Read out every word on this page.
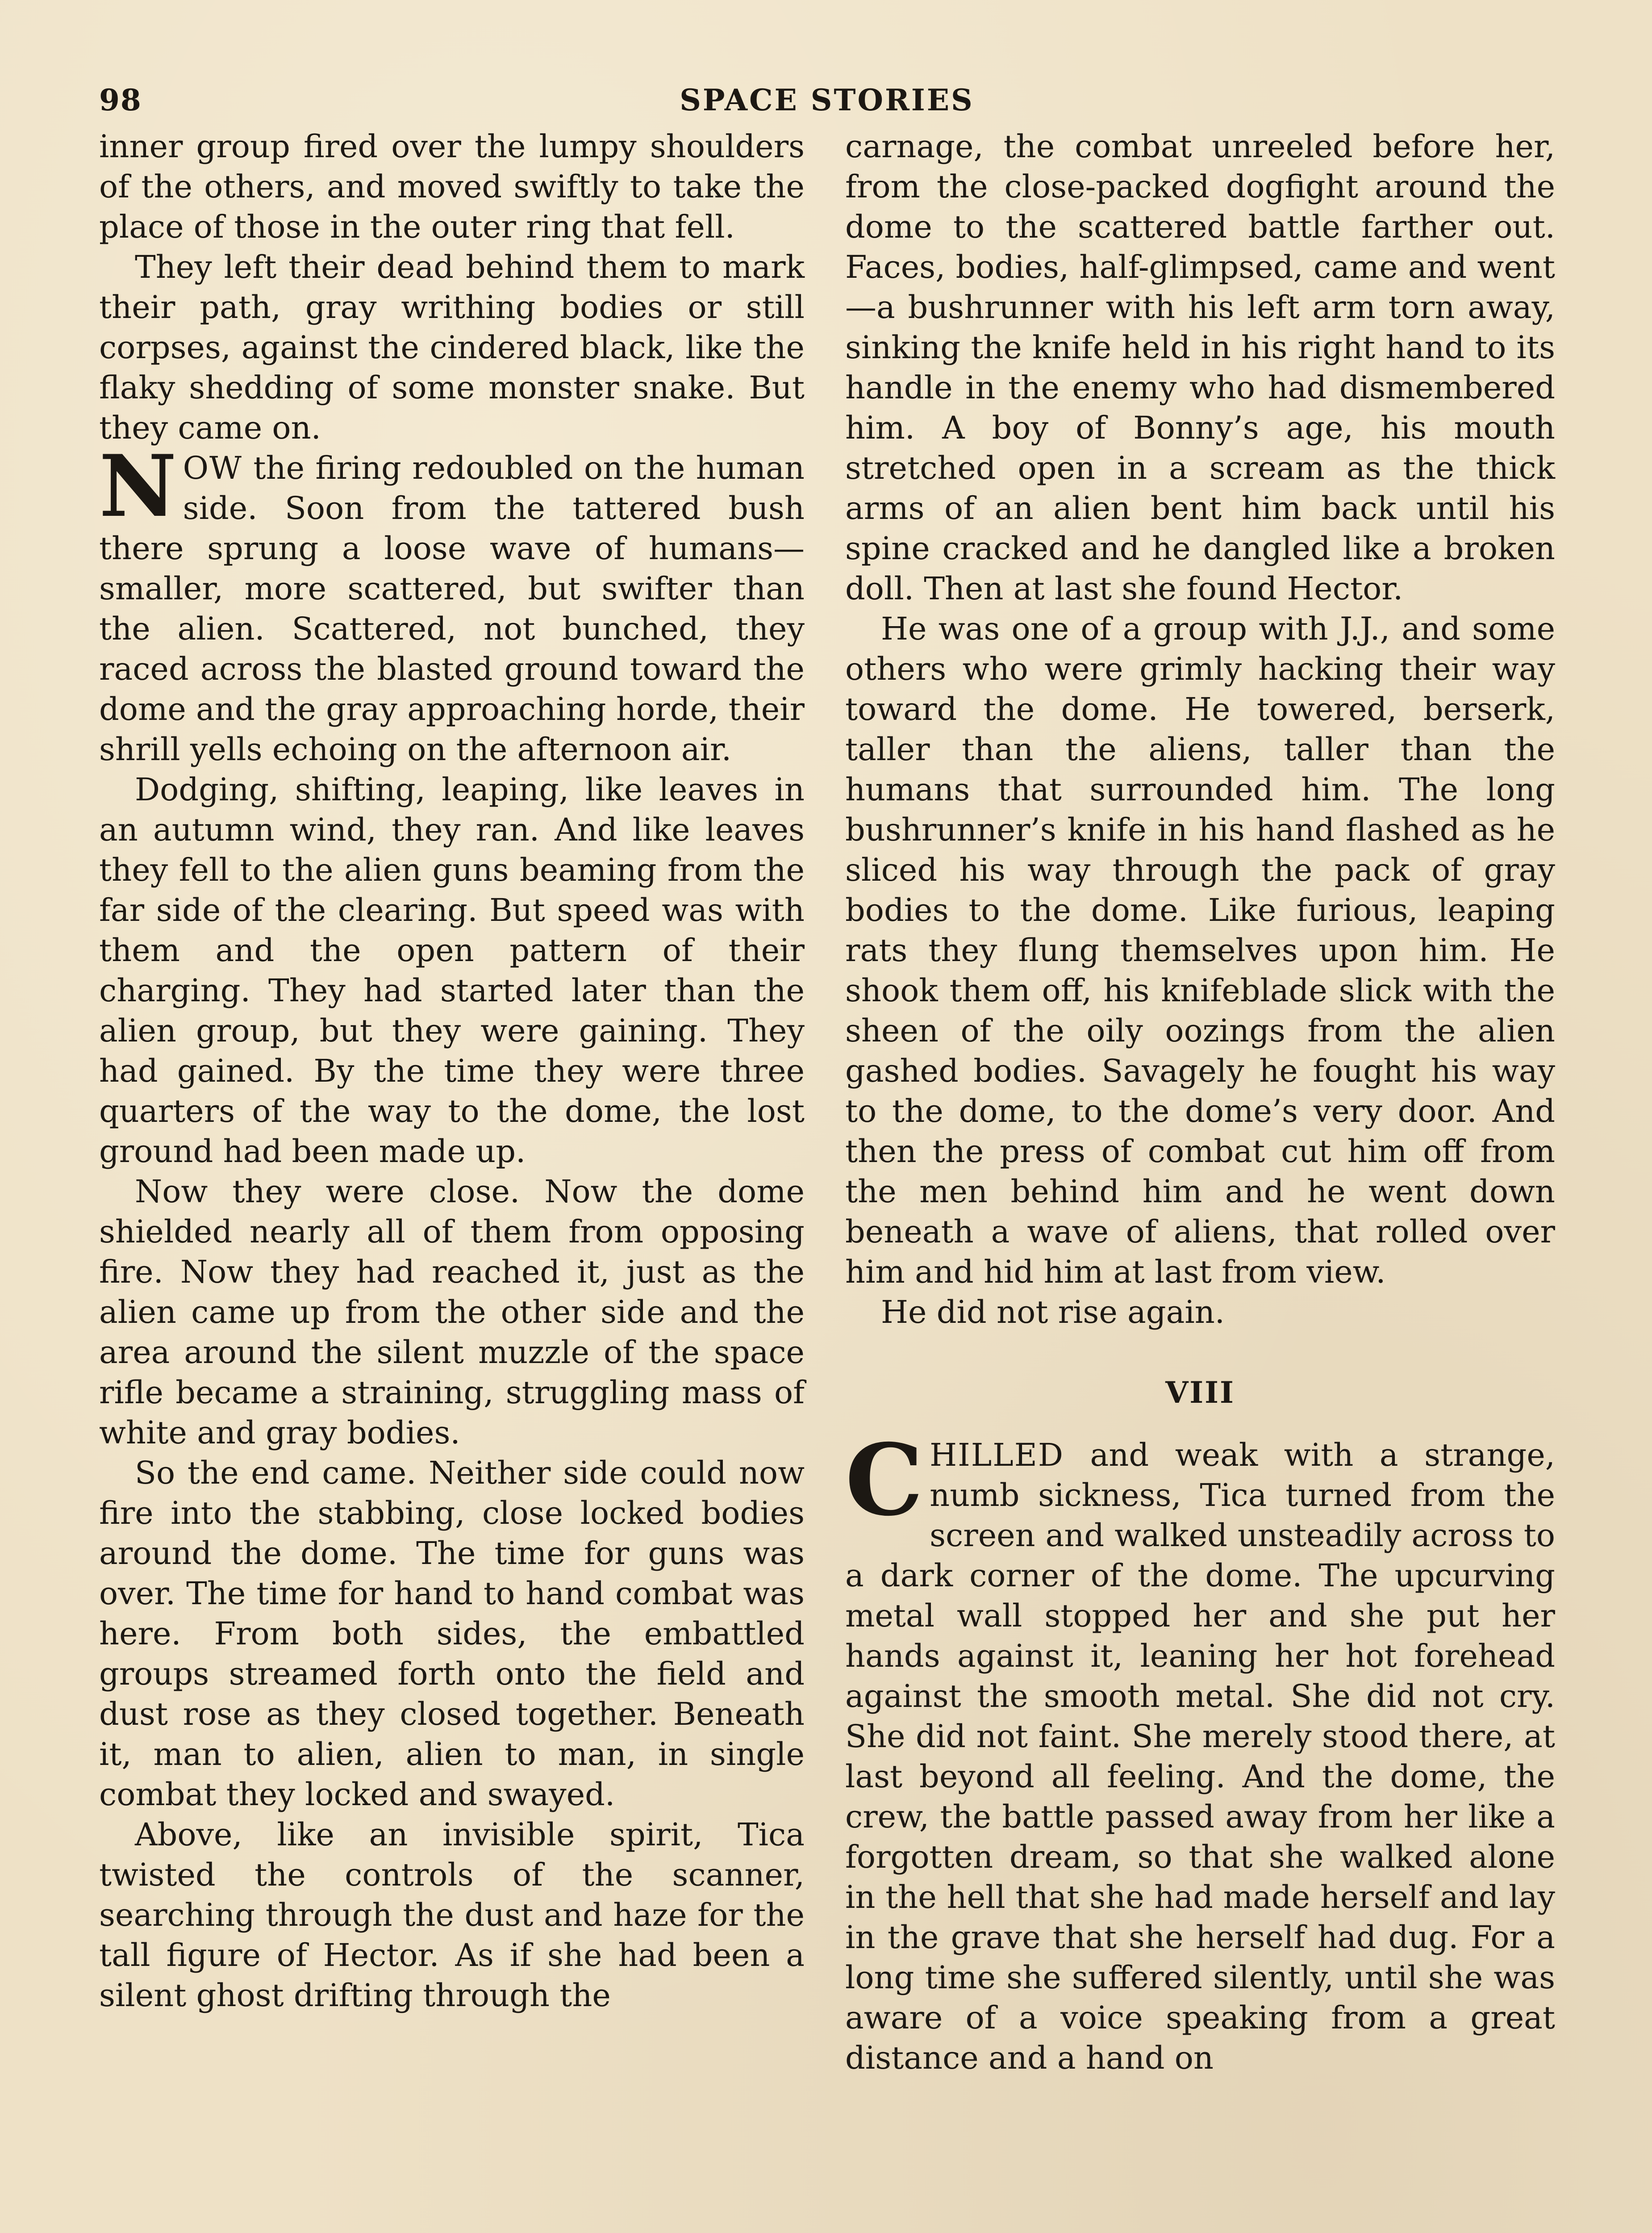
98	SPACE STORIES

inner group fired over the lumpy shoulders of the others, and moved swiftly to take the place of those in the outer ring that fell.

They left their dead behind them to mark their path, gray writhing bodies or still corpses, against the cindered black, like the flaky shedding of some monster snake. But they came on.

NOW the firing redoubled on the human side. Soon from the tattered bush there sprung a loose wave of humans—smaller, more scattered, but swifter than the alien. Scattered, not bunched, they raced across the blasted ground toward the dome and the gray approaching horde, their shrill yells echoing on the afternoon air.

Dodging, shifting, leaping, like leaves in an autumn wind, they ran. And like leaves they fell to the alien guns beaming from the far side of the clearing. But speed was with them and the open pattern of their charging. They had started later than the alien group, but they were gaining. They had gained. By the time they were three quarters of the way to the dome, the lost ground had been made up.

Now they were close. Now the dome shielded nearly all of them from opposing fire. Now they had reached it, just as the alien came up from the other side and the area around the silent muzzle of the space rifle became a straining, struggling mass of white and gray bodies.

So the end came. Neither side could now fire into the stabbing, close locked bodies around the dome. The time for guns was over. The time for hand to hand combat was here. From both sides, the embattled groups streamed forth onto the field and dust rose as they closed together. Beneath it, man to alien, alien to man, in single combat they locked and swayed.

Above, like an invisible spirit, Tica twisted the controls of the scanner, searching through the dust and haze for the tall figure of Hector. As if she had been a silent ghost drifting through the

carnage, the combat unreeled before her, from the close-packed dogfight around the dome to the scattered battle farther out. Faces, bodies, half-glimpsed, came and went—a bushrunner with his left arm torn away, sinking the knife held in his right hand to its handle in the enemy who had dismembered him. A boy of Bonny’s age, his mouth stretched open in a scream as the thick arms of an alien bent him back until his spine cracked and he dangled like a broken doll. Then at last she found Hector.

He was one of a group with J.J., and some others who were grimly hacking their way toward the dome. He towered, berserk, taller than the aliens, taller than the humans that surrounded him. The long bushrunner’s knife in his hand flashed as he sliced his way through the pack of gray bodies to the dome. Like furious, leaping rats they flung themselves upon him. He shook them off, his knifeblade slick with the sheen of the oily oozings from the alien gashed bodies. Savagely he fought his way to the dome, to the dome’s very door. And then the press of combat cut him off from the men behind him and he went down beneath a wave of aliens, that rolled over him and hid him at last from view.

He did not rise again.

VIII

CHILLED and weak with a strange, numb sickness, Tica turned from the screen and walked unsteadily across to a dark corner of the dome. The upcurving metal wall stopped her and she put her hands against it, leaning her hot forehead against the smooth metal. She did not cry. She did not faint. She merely stood there, at last beyond all feeling. And the dome, the crew, the battle passed away from her like a forgotten dream, so that she walked alone in the hell that she had made herself and lay in the grave that she herself had dug. For a long time she suffered silently, until she was aware of a voice speaking from a great distance and a hand on
